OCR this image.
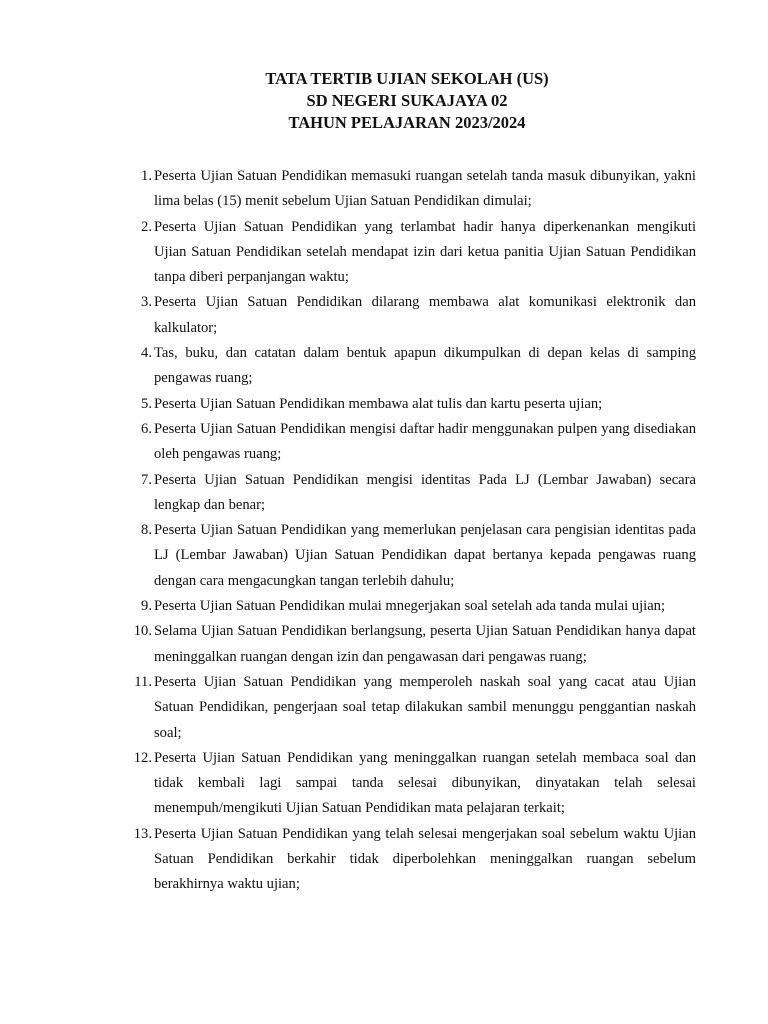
TATA TERTIB UJIAN SEKOLAH (US)
SD NEGERI SUKAJAYA 02
TAHUN PELAJARAN 2023/2024
1. Peserta Ujian Satuan Pendidikan memasuki ruangan setelah tanda masuk dibunyikan, yakni lima belas (15) menit sebelum Ujian Satuan Pendidikan dimulai;
2. Peserta Ujian Satuan Pendidikan yang terlambat hadir hanya diperkenankan mengikuti Ujian Satuan Pendidikan setelah mendapat izin dari ketua panitia Ujian Satuan Pendidikan tanpa diberi perpanjangan waktu;
3. Peserta Ujian Satuan Pendidikan dilarang membawa alat komunikasi elektronik dan kalkulator;
4. Tas, buku, dan catatan dalam bentuk apapun dikumpulkan di depan kelas di samping pengawas ruang;
5. Peserta Ujian Satuan Pendidikan membawa alat tulis dan kartu peserta ujian;
6. Peserta Ujian Satuan Pendidikan mengisi daftar hadir menggunakan pulpen yang disediakan oleh pengawas ruang;
7. Peserta Ujian Satuan Pendidikan mengisi identitas Pada LJ (Lembar Jawaban) secara lengkap dan benar;
8. Peserta Ujian Satuan Pendidikan yang memerlukan penjelasan cara pengisian identitas pada LJ (Lembar Jawaban) Ujian Satuan Pendidikan dapat bertanya kepada pengawas ruang dengan cara mengacungkan tangan terlebih dahulu;
9. Peserta Ujian Satuan Pendidikan mulai mnegerjakan soal setelah ada tanda mulai ujian;
10. Selama Ujian Satuan Pendidikan berlangsung, peserta Ujian Satuan Pendidikan hanya dapat meninggalkan ruangan dengan izin dan pengawasan dari pengawas ruang;
11. Peserta Ujian Satuan Pendidikan yang memperoleh naskah soal yang cacat atau Ujian Satuan Pendidikan, pengerjaan soal tetap dilakukan sambil menunggu penggantian naskah soal;
12. Peserta Ujian Satuan Pendidikan yang meninggalkan ruangan setelah membaca soal dan tidak kembali lagi sampai tanda selesai dibunyikan, dinyatakan telah selesai menempuh/mengikuti Ujian Satuan Pendidikan mata pelajaran terkait;
13. Peserta Ujian Satuan Pendidikan yang telah selesai mengerjakan soal sebelum waktu Ujian Satuan Pendidikan berkahir tidak diperbolehkan meninggalkan ruangan sebelum berakhirnya waktu ujian;
